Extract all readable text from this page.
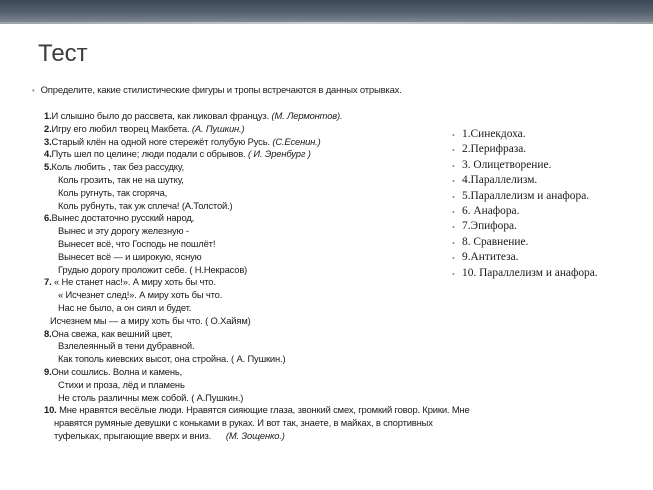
Тест
• Определите, какие стилистические фигуры и тропы встречаются в данных отрывках.

1.И слышно было до рассвета, как ликовал француз. (М. Лермонтов).

2.Игру его любил творец Макбета. (А. Пушкин.)

3.Старый клён на одной ноге стережёт голубую Русь. (С.Есенин.)

4.Путь шел по целине; люди подали с обрывов. ( И. Эренбург )

5.Коль любить , так без рассудку,

Коль грозить, так не на шутку,

Коль ругнуть, так сгоряча,

Коль рубнуть, так уж сплеча! (А.Толстой.)

6.Вынес достаточно русский народ,

Вынес и эту дорогу железную -

Вынесет всё, что Господь не пошлёт!

Вынесет всё — и широкую, ясную

Грудью дорогу проложит себе. ( Н.Некрасов)

7. « Не станет нас!». А миру хоть бы что.

« Исчезнет след!». А миру хоть бы что.

Нас не было, а он сиял и будет.

Исчезнем мы — а миру хоть бы что. ( О.Хайям)

8.Она свежа, как вешний цвет,

Взлелеянный в тени дубравной.

Как тополь киевских высот, она стройна. ( А. Пушкин.)

9.Они сошлись. Волна и камень,

Стихи и проза, лёд и пламень

Не столь различны меж собой. ( А.Пушкин.)

10. Мне нравятся весёлые люди. Нравятся сияющие глаза, звонкий смех, громкий говор. Крики. Мне
нравятся румяные девушки с коньками в руках. И вот так, знаете, в майках, в спортивных
туфельках, прыгающие вверх и вниз. (М. Зощенко.)

• 1.Синекдоха.
• 2.Перифраза.
• 3. Олицетворение.
• 4.Параллелизм.
• 5.Параллелизм и анафора.
• 6. Анафора.
• 7.Эпифора.
• 8. Сравнение.
• 9.Антитеза.
• 10. Параллелизм и анафора.
